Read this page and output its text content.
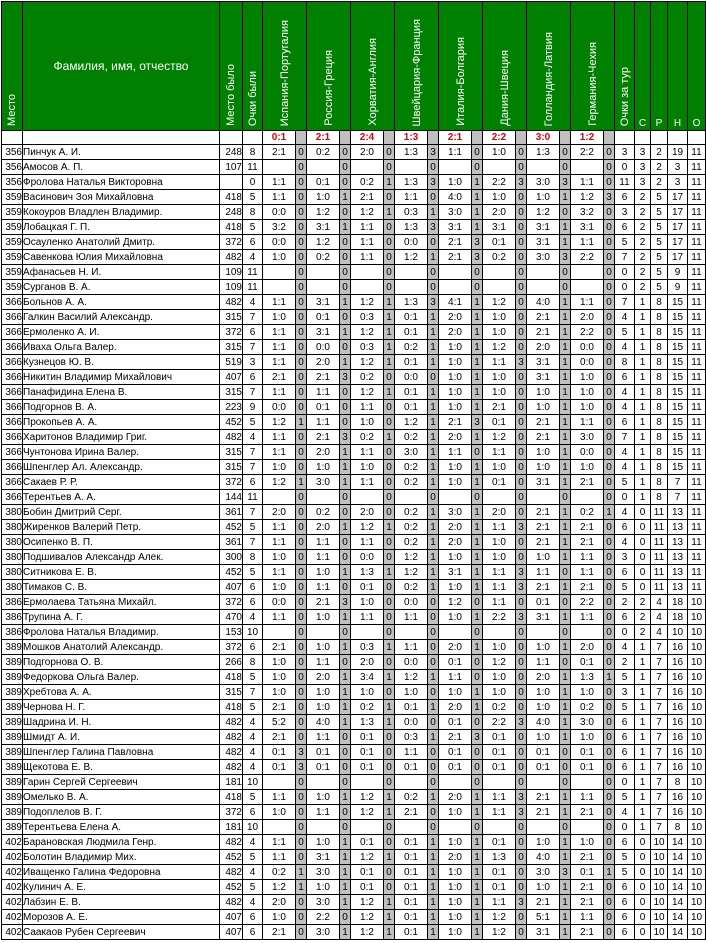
Место	Фамилия, имя, отчество	Место было	Очки были	Испания-Португалия		Россия-Греция		Хорватия-Англия		Швейцария-Франция		Италия-Болгария		Дания-Швеция		Голландия-Латвия		Германия-Чехия		Очки за тур	С	Р	Н	О
				0:1		2:1		2:4		1:3		2:1		2:2		3:0		1:2						
356	Пинчук А. И.	248	8	2:1	0	0:2	0	2:0	0	1:3	3	1:1	0	1:0	0	1:3	0	2:2	0	3	3	2	19	11
356	Амосов А. П.	107	11		0		0		0		0		0		0		0		0	0	3	2	3	11
356	Фролова Наталья Викторовна		0	1:1	0	0:1	0	0:2	1	1:3	3	1:0	1	2:2	3	3:0	3	1:1	0	11	3	2	3	11
359	Васинович Зоя Михайловна	418	5	1:1	0	1:0	1	2:1	0	1:1	0	4:0	1	1:0	0	1:0	1	1:2	3	6	2	5	17	11
359	Кокоуров Владлен Владимир.	248	8	0:0	0	1:2	0	1:2	1	0:3	1	3:0	1	2:0	0	1:2	0	3:2	0	3	2	5	17	11
359	Лобацкая Г. П.	418	5	3:2	0	3:1	1	1:1	0	1:3	3	3:1	1	3:1	0	3:1	1	3:1	0	6	2	5	17	11
359	Осауленко Анатолий Дмитр.	372	6	0:0	0	1:2	0	1:1	0	0:0	0	2:1	3	0:1	0	3:1	1	1:1	0	5	2	5	17	11
359	Савенкова Юлия Михайловна	482	4	1:0	0	0:2	0	1:1	0	1:2	1	2:1	3	0:2	0	3:0	3	2:2	0	7	2	5	17	11
359	Афанасьев Н. И.	109	11		0		0		0		0		0		0		0		0	0	2	5	9	11
359	Сурганов В. А.	109	11		0		0		0		0		0		0		0		0	0	2	5	9	11
366	Больнов А. А.	482	4	1:1	0	3:1	1	1:2	1	1:3	3	4:1	1	1:2	0	4:0	1	1:1	0	7	1	8	15	11
366	Галкин Василий Александр.	315	7	1:0	0	0:1	0	0:3	1	0:1	1	2:0	1	1:0	0	2:1	1	2:0	0	4	1	8	15	11
366	Ермоленко А. И.	372	6	1:1	0	3:1	1	1:2	1	0:1	1	2:0	1	1:0	0	2:1	1	2:2	0	5	1	8	15	11
366	Иваха Ольга Валер.	315	7	1:1	0	0:0	0	0:3	1	0:2	1	1:0	1	1:2	0	2:0	1	0:0	0	4	1	8	15	11
366	Кузнецов Ю. В.	519	3	1:1	0	2:0	1	1:2	1	0:1	1	1:0	1	1:1	3	3:1	1	0:0	0	8	1	8	15	11
366	Никитин Владимир Михайлович	407	6	2:1	0	2:1	3	0:2	0	0:0	0	1:0	1	1:0	0	3:1	1	1:0	0	6	1	8	15	11
366	Панафидина Елена В.	315	7	1:1	0	1:1	0	1:2	1	0:1	1	1:0	1	1:0	0	1:0	1	1:0	0	4	1	8	15	11
366	Подгорнов В. А.	223	9	0:0	0	0:1	0	1:1	0	0:1	1	1:0	1	2:1	0	1:0	1	1:0	0	4	1	8	15	11
366	Прокопьев А. А.	452	5	1:2	1	1:1	0	1:0	0	1:2	1	2:1	3	0:1	0	2:1	1	1:1	0	6	1	8	15	11
366	Харитонов Владимир Григ.	482	4	1:1	0	2:1	3	0:2	1	0:2	1	2:0	1	1:2	0	2:1	1	3:0	0	7	1	8	15	11
366	Чунтонова Ирина Валер.	315	7	1:1	0	2:0	1	1:1	0	3:0	1	1:1	0	1:1	0	1:0	1	0:0	0	4	1	8	15	11
366	Шпенглер Ал. Александр.	315	7	1:0	0	1:0	1	1:0	0	0:2	1	1:0	1	1:0	0	1:0	1	1:0	0	4	1	8	15	11
366	Сакаев Р. Р.	372	6	1:2	1	3:0	1	1:1	0	0:2	1	1:0	1	0:1	0	3:1	1	2:1	0	5	1	8	7	11
366	Терентьев А. А.	144	11		0		0		0		0		0		0		0		0	0	1	8	7	11
380	Бобин Дмитрий Серг.	361	7	2:0	0	0:2	0	2:0	0	0:2	1	3:0	1	2:0	0	2:1	1	0:2	1	4	0	11	13	11
380	Жиренков Валерий Петр.	452	5	1:1	0	2:0	1	1:2	1	0:2	1	2:0	1	1:1	3	2:1	1	2:1	0	6	0	11	13	11
380	Осипенко В. П.	361	7	1:1	0	1:1	0	1:1	0	0:2	1	2:0	1	1:0	0	2:1	1	2:1	0	4	0	11	13	11
380	Подшивалов Александр Алек.	300	8	1:0	0	1:1	0	0:0	0	1:2	1	1:0	1	1:0	0	1:0	1	1:1	0	3	0	11	13	11
380	Ситникова Е. В.	452	5	1:1	0	1:0	1	1:3	1	1:2	1	3:1	1	1:1	3	1:1	0	1:1	0	6	0	11	13	11
380	Тимаков С. В.	407	6	1:0	0	1:1	0	0:1	0	0:2	1	1:0	1	1:1	3	2:1	1	2:1	0	5	0	11	13	11
386	Ермолаева Татьяна Михайл.	372	6	0:0	0	2:1	3	1:0	0	0:0	0	1:2	0	1:1	0	0:1	0	2:2	0	2	2	4	18	10
386	Трупина А. Г.	470	4	1:1	0	1:0	1	1:1	0	1:1	0	1:0	1	2:2	3	3:1	1	1:1	0	6	2	4	18	10
386	Фролова Наталья Владимир.	153	10		0		0		0		0		0		0		0		0	0	2	4	10	10
389	Мошков Анатолий Александр.	372	6	2:1	0	1:0	1	0:3	1	1:1	0	2:0	1	1:0	0	1:0	1	2:0	0	4	1	7	16	10
389	Подгорнова О. В.	266	8	1:0	0	1:1	0	2:0	0	0:0	0	0:1	0	1:2	0	1:1	0	0:1	0	2	1	7	16	10
389	Федоркова Ольга Валер.	418	5	1:0	0	2:0	1	3:4	1	1:2	1	1:1	0	1:0	0	2:0	1	1:3	1	5	1	7	16	10
389	Хребтова А. А.	315	7	1:0	0	1:0	1	1:0	0	1:0	0	1:0	1	1:0	0	1:0	1	1:0	0	3	1	7	16	10
389	Чернова Н. Г.	418	5	2:1	0	1:0	1	0:2	1	0:1	1	2:0	1	0:2	0	1:0	1	0:2	0	5	1	7	16	10
389	Шадрина И. Н.	482	4	5:2	0	4:0	1	1:3	1	0:0	0	0:1	0	2:2	3	4:0	1	3:0	0	6	1	7	16	10
389	Шмидт А. И.	482	4	2:1	0	1:1	0	0:1	0	0:3	1	2:1	3	0:1	0	1:0	1	1:0	0	6	1	7	16	10
389	Шпенглер Галина Павловна	482	4	0:1	3	0:1	0	0:1	0	1:1	0	0:1	0	0:1	0	0:1	0	0:1	0	6	1	7	16	10
389	Щекотова Е. В.	482	4	0:1	3	0:1	0	0:1	0	0:1	0	0:1	0	0:1	0	0:1	0	0:1	0	6	1	7	16	10
389	Гарин Сергей Сергеевич	181	10		0		0		0		0		0		0		0		0	0	1	7	8	10
389	Омелько В. А.	418	5	1:1	0	1:0	1	1:2	1	0:2	1	2:0	1	1:1	3	2:1	1	1:1	0	5	1	7	16	10
389	Подоплелов В. Г.	372	6	1:0	0	1:1	0	1:2	1	2:1	0	1:0	1	1:1	3	2:1	1	2:1	0	4	1	7	16	10
389	Терентьева Елена А.	181	10		0		0		0		0		0		0		0		0	0	1	7	8	10
402	Барановская Людмила Генр.	482	4	1:1	0	1:0	1	0:1	0	0:1	1	1:0	1	0:1	0	1:0	1	1:0	0	6	0	10	14	10
402	Болотин Владимир Мих.	452	5	1:1	0	3:1	1	1:2	1	0:1	1	2:0	1	1:3	0	4:0	1	2:1	0	5	0	10	14	10
402	Иващенко Галина Федоровна	482	4	0:2	1	3:0	1	0:1	0	0:1	1	1:0	1	0:1	0	3:0	3	0:1	1	5	0	10	14	10
402	Кулинич А. Е.	452	5	1:2	1	1:0	1	0:1	0	0:1	1	1:0	1	0:1	0	1:0	1	2:1	0	6	0	10	14	10
402	Лабзин Е. В.	482	4	2:0	0	3:0	1	1:2	1	0:1	1	1:0	1	1:1	3	2:1	1	2:1	0	6	0	10	14	10
402	Морозов А. Е.	407	6	1:0	0	2:2	0	1:2	1	0:1	1	1:0	1	1:2	0	5:1	1	1:1	0	6	0	10	14	10
402	Саакаов Рубен Сергеевич	407	6	2:1	0	3:0	1	1:2	1	0:1	1	1:0	1	1:2	0	3:1	1	2:1	0	6	0	10	14	10
